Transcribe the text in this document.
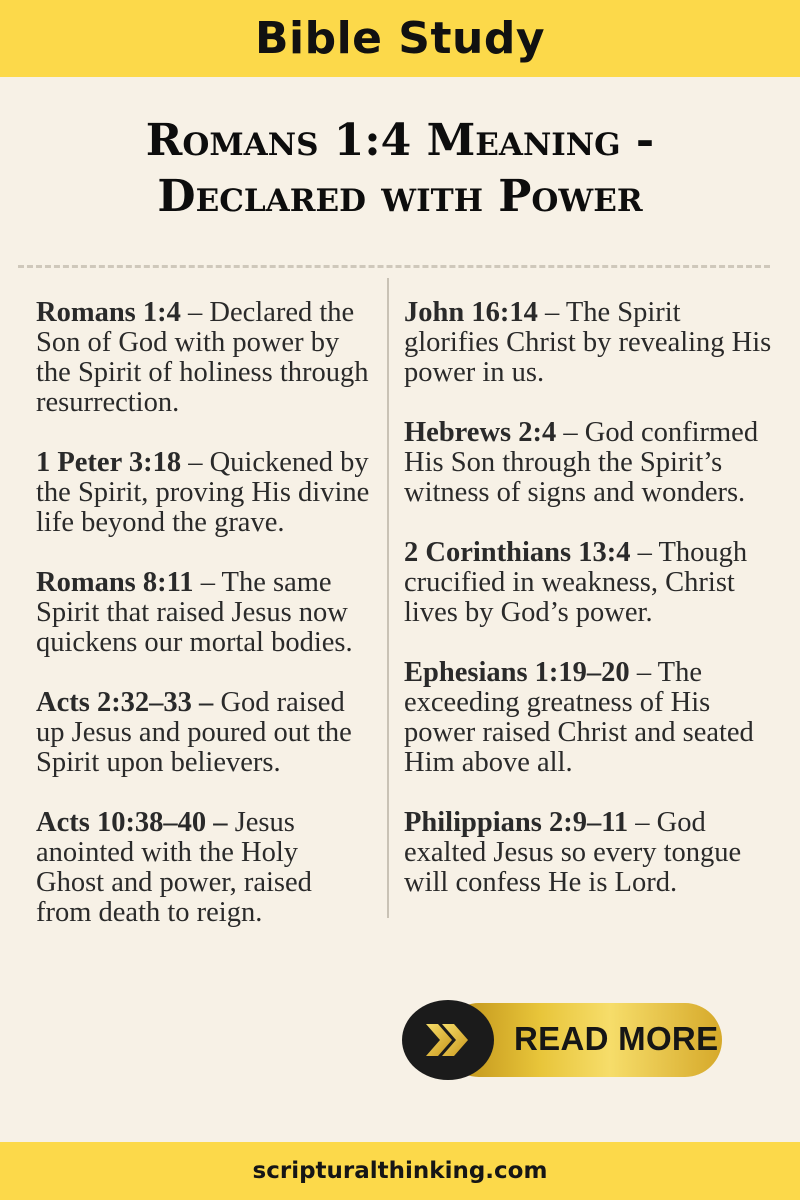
Bible Study
Romans 1:4 Meaning -
Declared with Power

Romans 1:4 – Declared the Son of God with power by the Spirit of holiness through resurrection.

1 Peter 3:18 – Quickened by the Spirit, proving His divine life beyond the grave.

Romans 8:11 – The same Spirit that raised Jesus now quickens our mortal bodies.

Acts 2:32–33 – God raised up Jesus and poured out the Spirit upon believers.

Acts 10:38–40 – Jesus anointed with the Holy Ghost and power, raised from death to reign.

John 16:14 – The Spirit glorifies Christ by revealing His power in us.

Hebrews 2:4 – God confirmed His Son through the Spirit’s witness of signs and wonders.

2 Corinthians 13:4 – Though crucified in weakness, Christ lives by God’s power.

Ephesians 1:19–20 – The exceeding greatness of His power raised Christ and seated Him above all.

Philippians 2:9–11 – God exalted Jesus so every tongue will confess He is Lord.

READ MORE
scripturalthinking.com
